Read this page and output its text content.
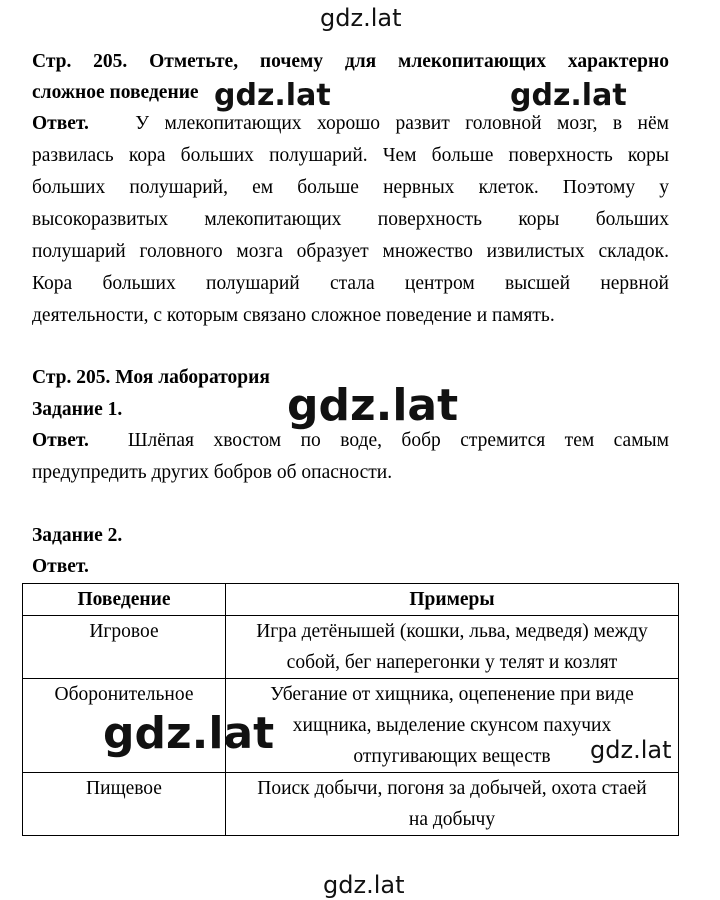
gdz.lat
gdz.lat	gdz.lat
gdz.lat
Стр. 205. Отметьте, почему для млекопитающих характерно
сложное поведение
Ответ. У млекопитающих хорошо развит головной мозг, в нём
развилась кора больших полушарий. Чем больше поверхность коры
больших полушарий, ем больше нервных клеток. Поэтому у
высокоразвитых млекопитающих поверхность коры больших
полушарий головного мозга образует множество извилистых складок.
Кора больших полушарий стала центром высшей нервной
деятельности, с которым связано сложное поведение и память.
Стр. 205. Моя лаборатория
Задание 1.
Ответ. Шлёпая хвостом по воде, бобр стремится тем самым
предупредить других бобров об опасности.
Задание 2.
Ответ.
Поведение	Примеры
Игровое	Игра детёнышей (кошки, льва, медведя) между
собой, бег наперегонки у телят и козлят
Оборонительное	Убегание от хищника, оцепенение при виде
хищника, выделение скунсом пахучих
отпугивающих веществ
Пищевое	Поиск добычи, погоня за добычей, охота стаей
на добычу
gdz.lat	gdz.lat
gdz.lat
